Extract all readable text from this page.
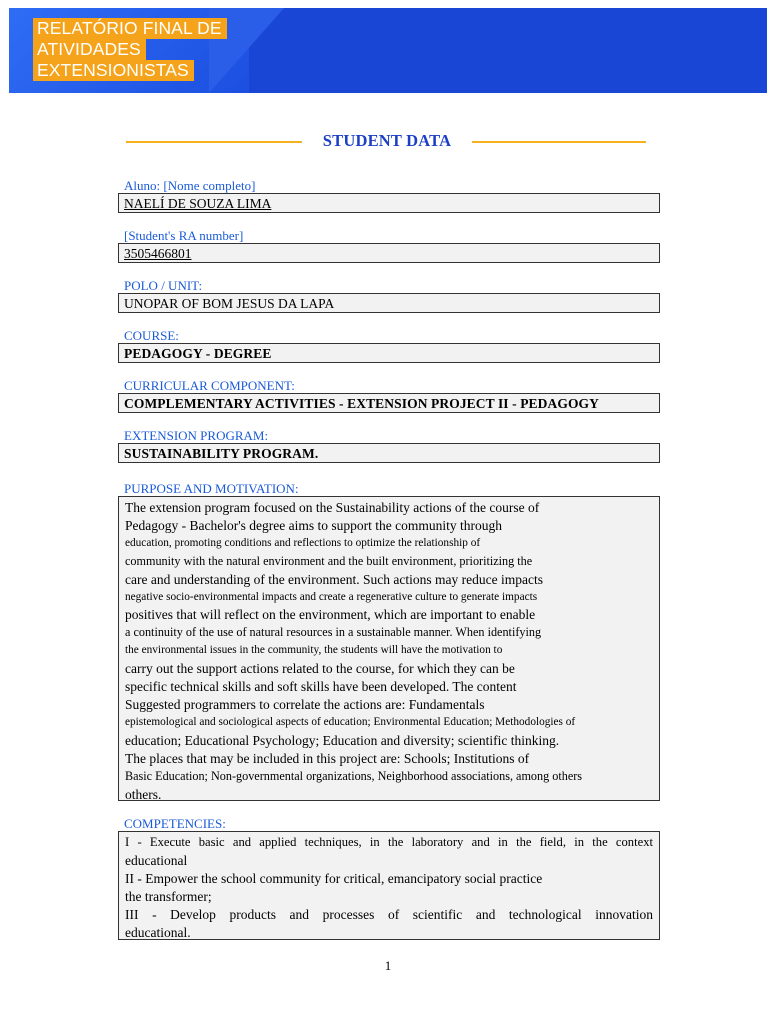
RELATÓRIO FINAL DE
ATIVIDADES
EXTENSIONISTAS
STUDENT DATA
Aluno: [Nome completo]
NAELÍ DE SOUZA LIMA
[Student's RA number]
3505466801
POLO / UNIT:
UNOPAR OF BOM JESUS DA LAPA
COURSE:
PEDAGOGY - DEGREE
CURRICULAR COMPONENT:
COMPLEMENTARY ACTIVITIES - EXTENSION PROJECT II - PEDAGOGY
EXTENSION PROGRAM:
SUSTAINABILITY PROGRAM.
PURPOSE AND MOTIVATION:
The extension program focused on the Sustainability actions of the course of
Pedagogy - Bachelor's degree aims to support the community through
education, promoting conditions and reflections to optimize the relationship of
community with the natural environment and the built environment, prioritizing the
care and understanding of the environment. Such actions may reduce impacts
negative socio-environmental impacts and create a regenerative culture to generate impacts
positives that will reflect on the environment, which are important to enable
a continuity of the use of natural resources in a sustainable manner. When identifying
the environmental issues in the community, the students will have the motivation to
carry out the support actions related to the course, for which they can be
specific technical skills and soft skills have been developed. The content
Suggested programmers to correlate the actions are: Fundamentals
epistemological and sociological aspects of education; Environmental Education; Methodologies of
education; Educational Psychology; Education and diversity; scientific thinking.
The places that may be included in this project are: Schools; Institutions of
Basic Education; Non-governmental organizations, Neighborhood associations, among others
others.
COMPETENCIES:
I - Execute basic and applied techniques, in the laboratory and in the field, in the context
educational
II - Empower the school community for critical, emancipatory social practice
the transformer;
III - Develop products and processes of scientific and technological innovation
educational.
1
